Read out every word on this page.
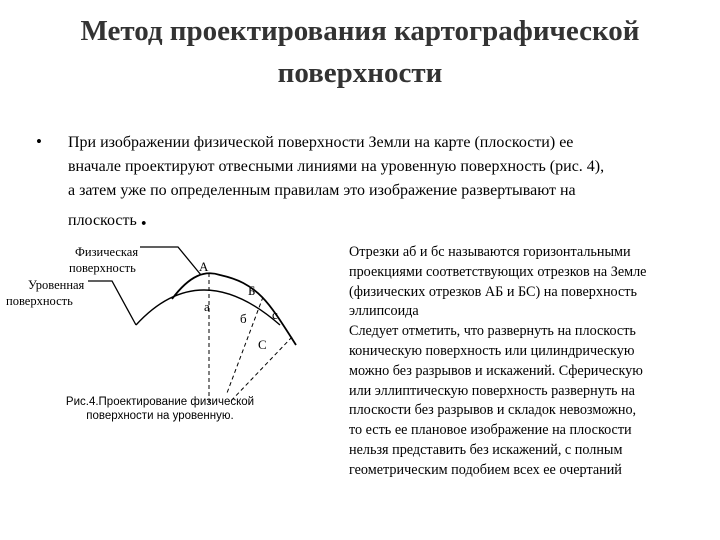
Метод проектирования картографической
поверхности
• При изображении физической поверхности Земли на карте (плоскости) ее
вначале проектируют отвесными линиями на уровенную поверхность (рис. 4),
а затем уже по определенным правилам это изображение развертывают на
плоскость .
Физическая
поверхность
Уровенная
поверхность
А
Б
С
а
б с
Рис.4.Проектирование физической
поверхности на уровенную.
Отрезки аб и бс называются горизонтальными
проекциями соответствующих отрезков на Земле
(физических отрезков АБ и БС) на поверхность
эллипсоида
Следует отметить, что развернуть на плоскость
коническую поверхность или цилиндрическую
можно без разрывов и искажений. Сферическую
или эллиптическую поверхность развернуть на
плоскости без разрывов и складок невозможно,
то есть ее плановое изображение на плоскости
нельзя представить без искажений, с полным
геометрическим подобием всех ее очертаний
